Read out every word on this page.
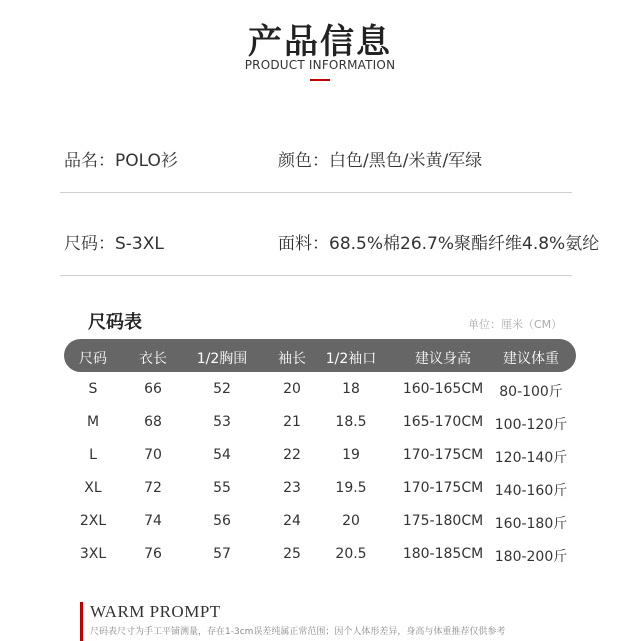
产品信息
PRODUCT INFORMATION
品名：POLO衫	颜色：白色/黑色/米黄/军绿
尺码：S-3XL	面料：68.5%棉26.7%聚酯纤维4.8%氨纶
尺码表	单位：厘米（CM）
尺码 衣长 1/2胸围 袖长 1/2袖口	建议身高 建议体重
S	66	52	20	18	160-165CM 80-100斤
M	68	53	21 18.5	165-170CM 100-120斤
L	70	54	22	19	170-175CM 120-140斤
XL	72	55	23 19.5	170-175CM 140-160斤
2XL	74	56	24	20	175-180CM 160-180斤
3XL	76	57	25 20.5	180-185CM 180-200斤
WARM PROMPT
尺码表尺寸为手工平铺测量，存在1-3cm误差纯属正常范围；因个人体形差异，身高与体重推荐仅供参考
